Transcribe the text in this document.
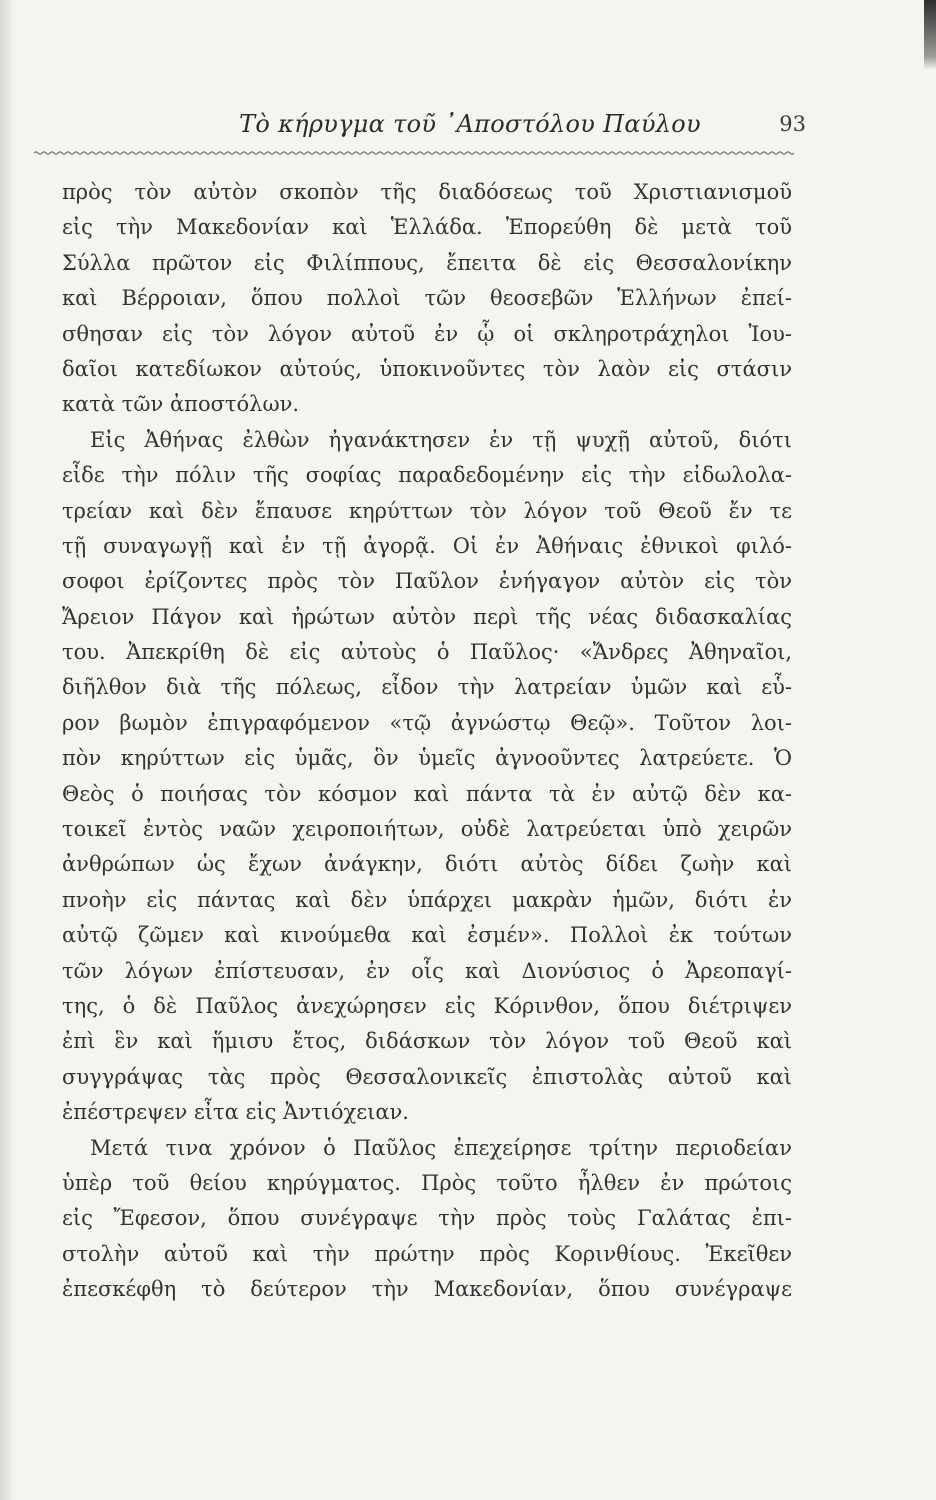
Τὸ κήρυγμα τοῦ ᾿Αποστόλου Παύλου	93
πρὸς τὸν αὐτὸν σκοπὸν τῆς διαδόσεως τοῦ Χριστιανισμοῦ
εἰς τὴν Μακεδονίαν καὶ Ἑλλάδα. Ἐπορεύθη δὲ μετὰ τοῦ
Σύλλα πρῶτον εἰς Φιλίππους, ἔπειτα δὲ εἰς Θεσσαλονίκην
καὶ Βέρροιαν, ὅπου πολλοὶ τῶν θεοσεβῶν Ἑλλήνων ἐπεί-
σθησαν εἰς τὸν λόγον αὐτοῦ ἐν ᾧ οἱ σκληροτράχηλοι Ἰου-
δαῖοι κατεδίωκον αὐτούς, ὑποκινοῦντες τὸν λαὸν εἰς στάσιν
κατὰ τῶν ἀποστόλων.
Εἰς Ἀθήνας ἐλθὼν ἠγανάκτησεν ἐν τῇ ψυχῇ αὐτοῦ, διότι
εἶδε τὴν πόλιν τῆς σοφίας παραδεδομένην εἰς τὴν εἰδωλολα-
τρείαν καὶ δὲν ἔπαυσε κηρύττων τὸν λόγον τοῦ Θεοῦ ἔν τε
τῇ συναγωγῇ καὶ ἐν τῇ ἀγορᾷ. Οἱ ἐν Ἀθήναις ἐθνικοὶ φιλό-
σοφοι ἐρίζοντες πρὸς τὸν Παῦλον ἐνήγαγον αὐτὸν εἰς τὸν
Ἄρειον Πάγον καὶ ἠρώτων αὐτὸν περὶ τῆς νέας διδασκαλίας
του. Ἀπεκρίθη δὲ εἰς αὐτοὺς ὁ Παῦλος· «Ἄνδρες Ἀθηναῖοι,
διῆλθον διὰ τῆς πόλεως, εἶδον τὴν λατρείαν ὑμῶν καὶ εὗ-
ρον βωμὸν ἐπιγραφόμενον «τῷ ἀγνώστῳ Θεῷ». Τοῦτον λοι-
πὸν κηρύττων εἰς ὑμᾶς, ὃν ὑμεῖς ἀγνοοῦντες λατρεύετε. Ὁ
Θεὸς ὁ ποιήσας τὸν κόσμον καὶ πάντα τὰ ἐν αὐτῷ δὲν κα-
τοικεῖ ἐντὸς ναῶν χειροποιήτων, οὐδὲ λατρεύεται ὑπὸ χειρῶν
ἀνθρώπων ὡς ἔχων ἀνάγκην, διότι αὐτὸς δίδει ζωὴν καὶ
πνοὴν εἰς πάντας καὶ δὲν ὑπάρχει μακρὰν ἡμῶν, διότι ἐν
αὐτῷ ζῶμεν καὶ κινούμεθα καὶ ἐσμέν». Πολλοὶ ἐκ τούτων
τῶν λόγων ἐπίστευσαν, ἐν οἷς καὶ Διονύσιος ὁ Ἀρεοπαγί-
της, ὁ δὲ Παῦλος ἀνεχώρησεν εἰς Κόρινθον, ὅπου διέτριψεν
ἐπὶ ἓν καὶ ἥμισυ ἔτος, διδάσκων τὸν λόγον τοῦ Θεοῦ καὶ
συγγράψας τὰς πρὸς Θεσσαλονικεῖς ἐπιστολὰς αὐτοῦ καὶ
ἐπέστρεψεν εἶτα εἰς Ἀντιόχειαν.
Μετά τινα χρόνον ὁ Παῦλος ἐπεχείρησε τρίτην περιοδείαν
ὑπὲρ τοῦ θείου κηρύγματος. Πρὸς τοῦτο ἦλθεν ἐν πρώτοις
εἰς Ἔφεσον, ὅπου συνέγραψε τὴν πρὸς τοὺς Γαλάτας ἐπι-
στολὴν αὐτοῦ καὶ τὴν πρώτην πρὸς Κορινθίους. Ἐκεῖθεν
ἐπεσκέφθη τὸ δεύτερον τὴν Μακεδονίαν, ὅπου συνέγραψε
